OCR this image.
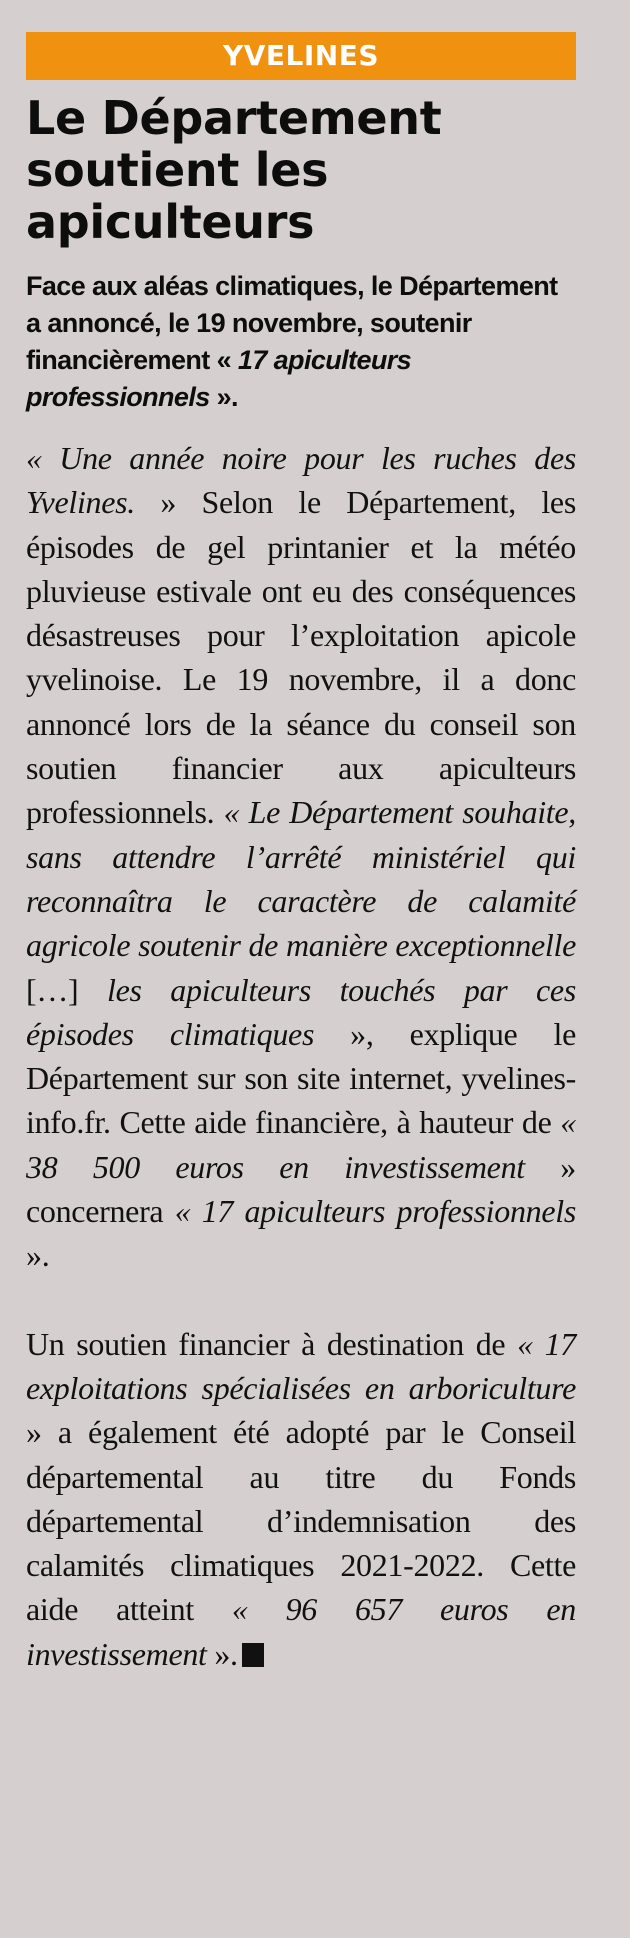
YVELINES
Le Département soutient les apiculteurs

Face aux aléas climatiques, le Département a annoncé, le 19 novembre, soutenir financièrement « 17 apiculteurs professionnels ».

« Une année noire pour les ruches des Yvelines. » Selon le Département, les épisodes de gel printanier et la météo pluvieuse estivale ont eu des conséquences désastreuses pour l’exploitation apicole yvelinoise. Le 19 novembre, il a donc annoncé lors de la séance du conseil son soutien financier aux apiculteurs professionnels. « Le Département souhaite, sans attendre l’arrêté ministériel qui reconnaîtra le caractère de calamité agricole soutenir de manière exceptionnelle […] les apiculteurs touchés par ces épisodes climatiques », explique le Département sur son site internet, yvelines-info.fr. Cette aide financière, à hauteur de « 38 500 euros en investissement » concernera « 17 apiculteurs professionnels ».

Un soutien financier à destination de « 17 exploitations spécialisées en arboriculture » a également été adopté par le Conseil départemental au titre du Fonds départemental d’indemnisation des calamités climatiques 2021-2022. Cette aide atteint « 96 657 euros en investissement ».
